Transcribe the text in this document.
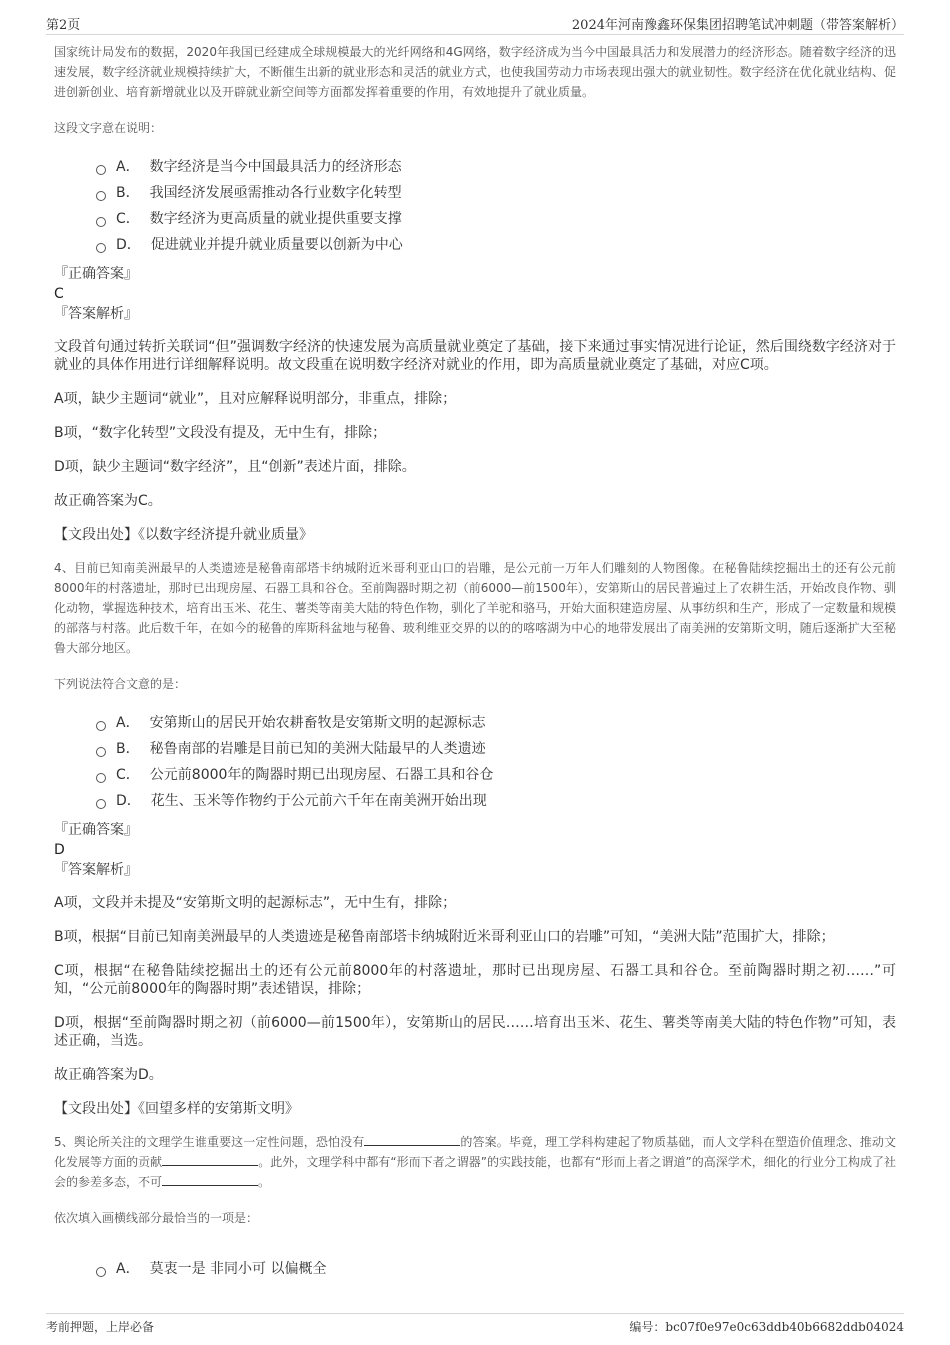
第2页	2024年河南豫鑫环保集团招聘笔试冲刺题（带答案解析）

国家统计局发布的数据，2020年我国已经建成全球规模最大的光纤网络和4G网络，数字经济成为当今中国最具活力和发展潜力的经济形态。随着数字经济的迅速发展，数字经济就业规模持续扩大，不断催生出新的就业形态和灵活的就业方式，也使我国劳动力市场表现出强大的就业韧性。数字经济在优化就业结构、促进创新创业、培育新增就业以及开辟就业新空间等方面都发挥着重要的作用，有效地提升了就业质量。

这段文字意在说明：

A． 数字经济是当今中国最具活力的经济形态
B． 我国经济发展亟需推动各行业数字化转型
C． 数字经济为更高质量的就业提供重要支撑
D． 促进就业并提升就业质量要以创新为中心

『正确答案』

C

『答案解析』

文段首句通过转折关联词“但”强调数字经济的快速发展为高质量就业奠定了基础，接下来通过事实情况进行论证，然后围绕数字经济对于就业的具体作用进行详细解释说明。故文段重在说明数字经济对就业的作用，即为高质量就业奠定了基础，对应C项。

A项，缺少主题词“就业”，且对应解释说明部分，非重点，排除；

B项，“数字化转型”文段没有提及，无中生有，排除；

D项，缺少主题词“数字经济”，且“创新”表述片面，排除。

故正确答案为C。

【文段出处】《以数字经济提升就业质量》

4、目前已知南美洲最早的人类遗迹是秘鲁南部塔卡纳城附近米哥利亚山口的岩雕，是公元前一万年人们雕刻的人物图像。在秘鲁陆续挖掘出土的还有公元前8000年的村落遗址，那时已出现房屋、石器工具和谷仓。至前陶器时期之初（前6000—前1500年），安第斯山的居民普遍过上了农耕生活，开始改良作物、驯化动物，掌握选种技术，培育出玉米、花生、薯类等南美大陆的特色作物，驯化了羊驼和骆马，开始大面积建造房屋、从事纺织和生产，形成了一定数量和规模的部落与村落。此后数千年，在如今的秘鲁的库斯科盆地与秘鲁、玻利维亚交界的以的的喀喀湖为中心的地带发展出了南美洲的安第斯文明，随后逐渐扩大至秘鲁大部分地区。

下列说法符合文意的是：

A． 安第斯山的居民开始农耕畜牧是安第斯文明的起源标志
B． 秘鲁南部的岩雕是目前已知的美洲大陆最早的人类遗迹
C． 公元前8000年的陶器时期已出现房屋、石器工具和谷仓
D． 花生、玉米等作物约于公元前六千年在南美洲开始出现

『正确答案』

D

『答案解析』

A项，文段并未提及“安第斯文明的起源标志”，无中生有，排除；

B项，根据“目前已知南美洲最早的人类遗迹是秘鲁南部塔卡纳城附近米哥利亚山口的岩雕”可知，“美洲大陆”范围扩大，排除；

C项，根据“在秘鲁陆续挖掘出土的还有公元前8000年的村落遗址，那时已出现房屋、石器工具和谷仓。至前陶器时期之初……”可知，“公元前8000年的陶器时期”表述错误，排除；

D项，根据“至前陶器时期之初（前6000—前1500年），安第斯山的居民……培育出玉米、花生、薯类等南美大陆的特色作物”可知，表述正确，当选。

故正确答案为D。

【文段出处】《回望多样的安第斯文明》

5、舆论所关注的文理学生谁重要这一定性问题，恐怕没有	的答案。毕竟，理工学科构建起了物质基础，而人文学科在塑造价值理念、推动文化发展等方面的贡献	。此外，文理学科中都有“形而下者之谓器”的实践技能，也都有“形而上者之谓道”的高深学术，细化的行业分工构成了社会的参差多态，不可	。

依次填入画横线部分最恰当的一项是：

A． 莫衷一是 非同小可 以偏概全
考前押题，上岸必备	编号：bc07f0e97e0c63ddb40b6682ddb04024
